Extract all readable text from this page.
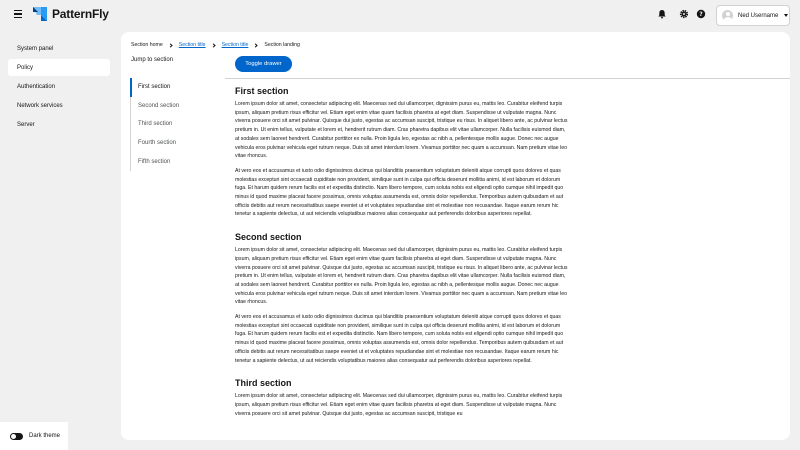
PatternFly	?	Ned Username
System panel
Policy
Authentication
Network services
Server
Dark theme
Section home	Section title	Section title	Section landing
Jump to section
First section
Second section
Third section
Fourth section
Fifth section
Toggle drawer
First section

Lorem ipsum dolor sit amet, consectetur adipiscing elit. Maecenas sed dui ullamcorper, dignissim purus eu, mattis leo. Curabitur eleifend turpis ipsum, aliquam pretium risus efficitur vel. Etiam eget enim vitae quam facilisis pharetra at eget diam. Suspendisse ut vulputate magna. Nunc viverra posuere orci sit amet pulvinar. Quisque dui justo, egestas ac accumsan suscipit, tristique eu risus. In aliquet libero ante, ac pulvinar lectus pretium in. Ut enim tellus, vulputate et lorem et, hendrerit rutrum diam. Cras pharetra dapibus elit vitae ullamcorper. Nulla facilisis euismod diam, at sodales sem laoreet hendrerit. Curabitur porttitor ex nulla. Proin ligula leo, egestas ac nibh a, pellentesque mollis augue. Donec nec augue vehicula eros pulvinar vehicula eget rutrum neque. Duis sit amet interdum lorem. Vivamus porttitor nec quam a accumsan. Nam pretium vitae leo vitae rhoncus.

At vero eos et accusamus et iusto odio dignissimos ducimus qui blanditiis praesentium voluptatum deleniti atque corrupti quos dolores et quas molestias excepturi sint occaecati cupiditate non provident, similique sunt in culpa qui officia deserunt mollitia animi, id est laborum et dolorum fuga. Et harum quidem rerum facilis est et expedita distinctio. Nam libero tempore, cum soluta nobis est eligendi optio cumque nihil impedit quo minus id quod maxime placeat facere possimus, omnis voluptas assumenda est, omnis dolor repellendus. Temporibus autem quibusdam et aut officiis debitis aut rerum necessitatibus saepe eveniet ut et voluptates repudiandae sint et molestiae non recusandae. Itaque earum rerum hic tenetur a sapiente delectus, ut aut reiciendis voluptatibus maiores alias consequatur aut perferendis doloribus asperiores repellat.

Second section

Lorem ipsum dolor sit amet, consectetur adipiscing elit. Maecenas sed dui ullamcorper, dignissim purus eu, mattis leo. Curabitur eleifend turpis ipsum, aliquam pretium risus efficitur vel. Etiam eget enim vitae quam facilisis pharetra at eget diam. Suspendisse ut vulputate magna. Nunc viverra posuere orci sit amet pulvinar. Quisque dui justo, egestas ac accumsan suscipit, tristique eu risus. In aliquet libero ante, ac pulvinar lectus pretium in. Ut enim tellus, vulputate et lorem et, hendrerit rutrum diam. Cras pharetra dapibus elit vitae ullamcorper. Nulla facilisis euismod diam, at sodales sem laoreet hendrerit. Curabitur porttitor ex nulla. Proin ligula leo, egestas ac nibh a, pellentesque mollis augue. Donec nec augue vehicula eros pulvinar vehicula eget rutrum neque. Duis sit amet interdum lorem. Vivamus porttitor nec quam a accumsan. Nam pretium vitae leo vitae rhoncus.

At vero eos et accusamus et iusto odio dignissimos ducimus qui blanditiis praesentium voluptatum deleniti atque corrupti quos dolores et quas molestias excepturi sint occaecati cupiditate non provident, similique sunt in culpa qui officia deserunt mollitia animi, id est laborum et dolorum fuga. Et harum quidem rerum facilis est et expedita distinctio. Nam libero tempore, cum soluta nobis est eligendi optio cumque nihil impedit quo minus id quod maxime placeat facere possimus, omnis voluptas assumenda est, omnis dolor repellendus. Temporibus autem quibusdam et aut officiis debitis aut rerum necessitatibus saepe eveniet ut et voluptates repudiandae sint et molestiae non recusandae. Itaque earum rerum hic tenetur a sapiente delectus, ut aut reiciendis voluptatibus maiores alias consequatur aut perferendis doloribus asperiores repellat.

Third section

Lorem ipsum dolor sit amet, consectetur adipiscing elit. Maecenas sed dui ullamcorper, dignissim purus eu, mattis leo. Curabitur eleifend turpis ipsum, aliquam pretium risus efficitur vel. Etiam eget enim vitae quam facilisis pharetra at eget diam. Suspendisse ut vulputate magna. Nunc viverra posuere orci sit amet pulvinar. Quisque dui justo, egestas ac accumsan suscipit, tristique eu
